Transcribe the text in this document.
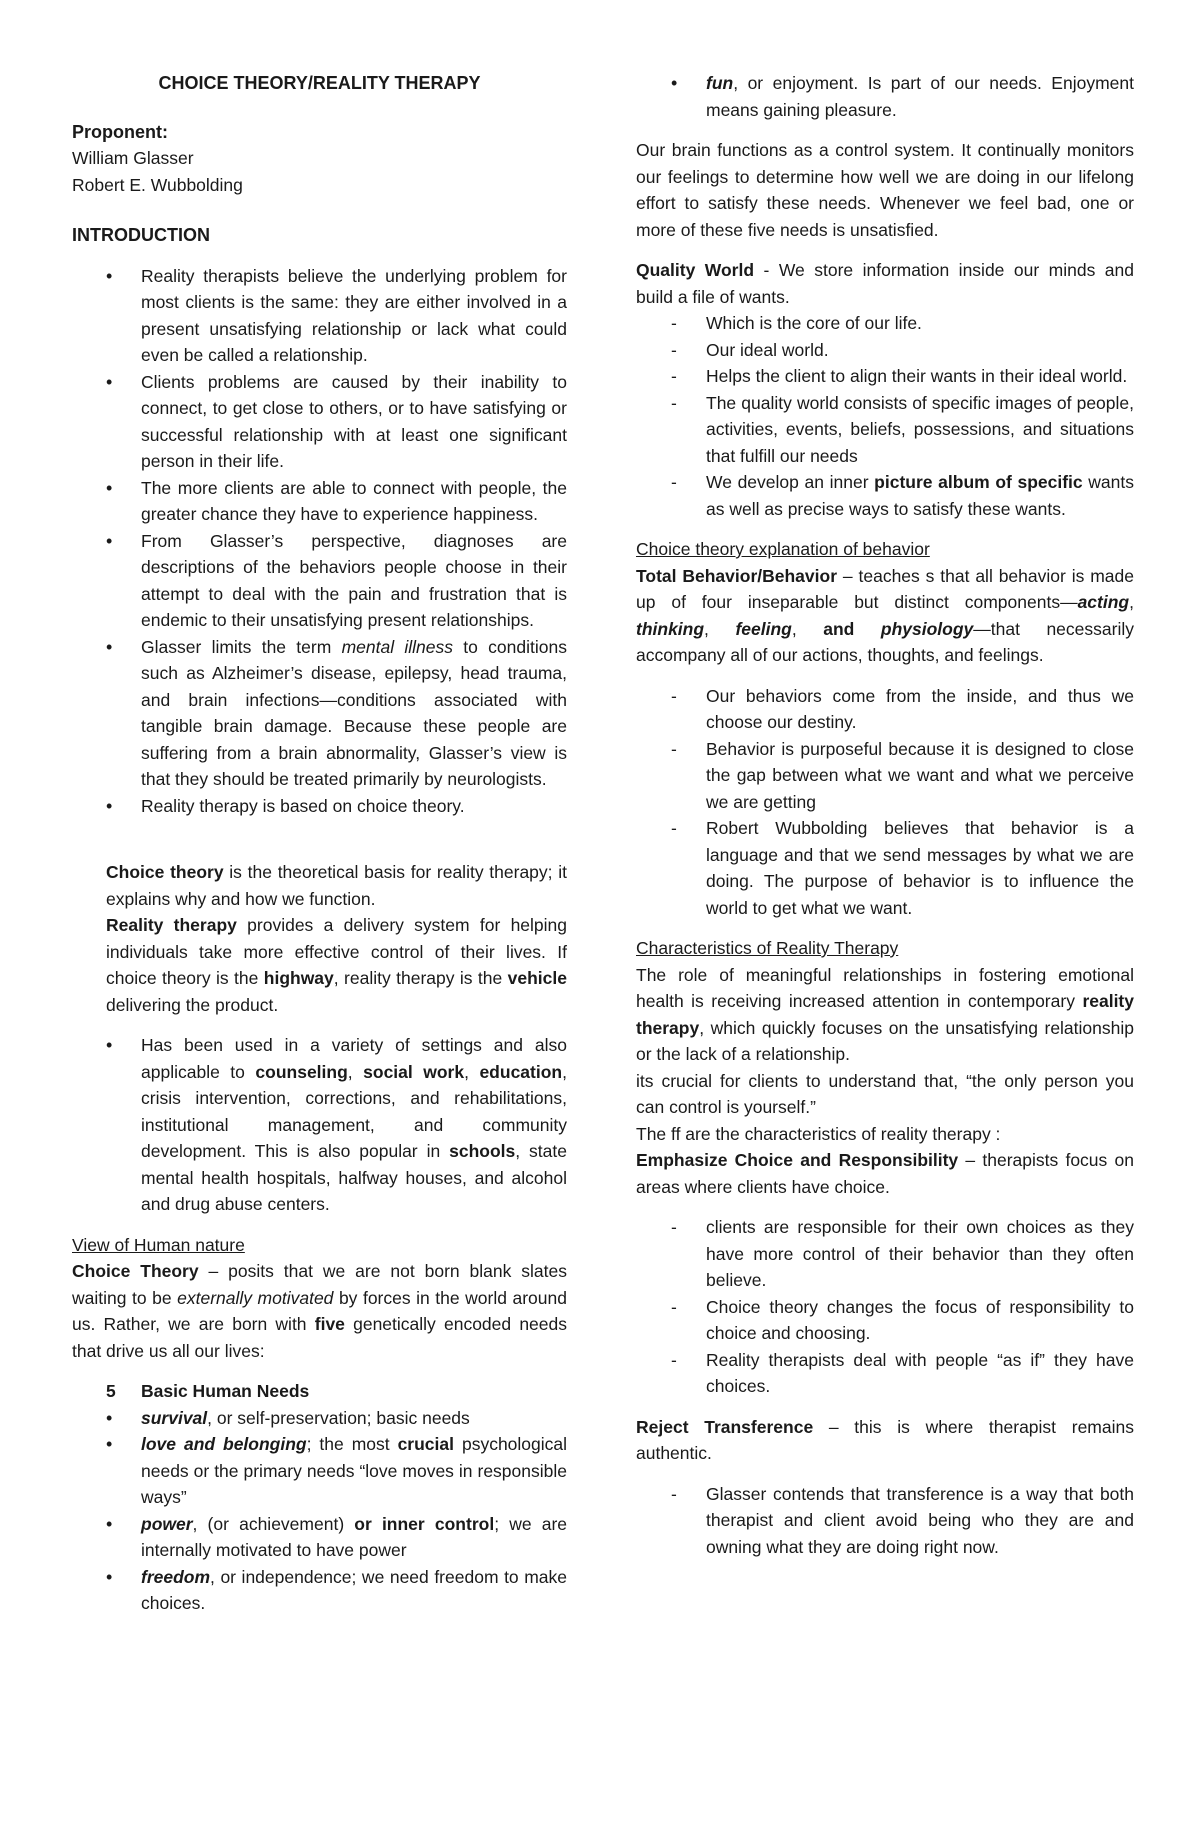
CHOICE THEORY/REALITY THERAPY

Proponent:

William Glasser

Robert E. Wubbolding

INTRODUCTION

• Reality therapists believe the underlying problem for most clients is the same: they are either involved in a present unsatisfying relationship or lack what could even be called a relationship.
• Clients problems are caused by their inability to connect, to get close to others, or to have satisfying or successful relationship with at least one significant person in their life.
• The more clients are able to connect with people, the greater chance they have to experience happiness.
• From Glasser’s perspective, diagnoses are descriptions of the behaviors people choose in their attempt to deal with the pain and frustration that is endemic to their unsatisfying present relationships.
• Glasser limits the term mental illness to conditions such as Alzheimer’s disease, epilepsy, head trauma, and brain infections—conditions associated with tangible brain damage. Because these people are suffering from a brain abnormality, Glasser’s view is that they should be treated primarily by neurologists.
• Reality therapy is based on choice theory.

Choice theory is the theoretical basis for reality therapy; it explains why and how we function.

Reality therapy provides a delivery system for helping individuals take more effective control of their lives. If choice theory is the highway, reality therapy is the vehicle delivering the product.

• Has been used in a variety of settings and also applicable to counseling, social work, education, crisis intervention, corrections, and rehabilitations, institutional management, and community development. This is also popular in schools, state mental health hospitals, halfway houses, and alcohol and drug abuse centers.

View of Human nature

Choice Theory – posits that we are not born blank slates waiting to be externally motivated by forces in the world around us. Rather, we are born with five genetically encoded needs that drive us all our lives:

5 Basic Human Needs

• survival, or self-preservation; basic needs
• love and belonging; the most crucial psychological needs or the primary needs “love moves in responsible ways”
• power, (or achievement) or inner control; we are internally motivated to have power
• freedom, or independence; we need freedom to make choices.
• fun, or enjoyment. Is part of our needs. Enjoyment means gaining pleasure.

Our brain functions as a control system. It continually monitors our feelings to determine how well we are doing in our lifelong effort to satisfy these needs. Whenever we feel bad, one or more of these five needs is unsatisfied.

Quality World - We store information inside our minds and build a file of wants.

- Which is the core of our life.
- Our ideal world.
- Helps the client to align their wants in their ideal world.
- The quality world consists of specific images of people, activities, events, beliefs, possessions, and situations that fulfill our needs
- We develop an inner picture album of specific wants as well as precise ways to satisfy these wants.

Choice theory explanation of behavior

Total Behavior/Behavior – teaches s that all behavior is made up of four inseparable but distinct components—acting, thinking, feeling, and physiology—that necessarily accompany all of our actions, thoughts, and feelings.

- Our behaviors come from the inside, and thus we choose our destiny.
- Behavior is purposeful because it is designed to close the gap between what we want and what we perceive we are getting
- Robert Wubbolding believes that behavior is a language and that we send messages by what we are doing. The purpose of behavior is to influence the world to get what we want.

Characteristics of Reality Therapy

The role of meaningful relationships in fostering emotional health is receiving increased attention in contemporary reality therapy, which quickly focuses on the unsatisfying relationship or the lack of a relationship.

its crucial for clients to understand that, “the only person you can control is yourself.”

The ff are the characteristics of reality therapy :

Emphasize Choice and Responsibility – therapists focus on areas where clients have choice.

- clients are responsible for their own choices as they have more control of their behavior than they often believe.
- Choice theory changes the focus of responsibility to choice and choosing.
- Reality therapists deal with people “as if” they have choices.

Reject Transference – this is where therapist remains authentic.

- Glasser contends that transference is a way that both therapist and client avoid being who they are and owning what they are doing right now.
